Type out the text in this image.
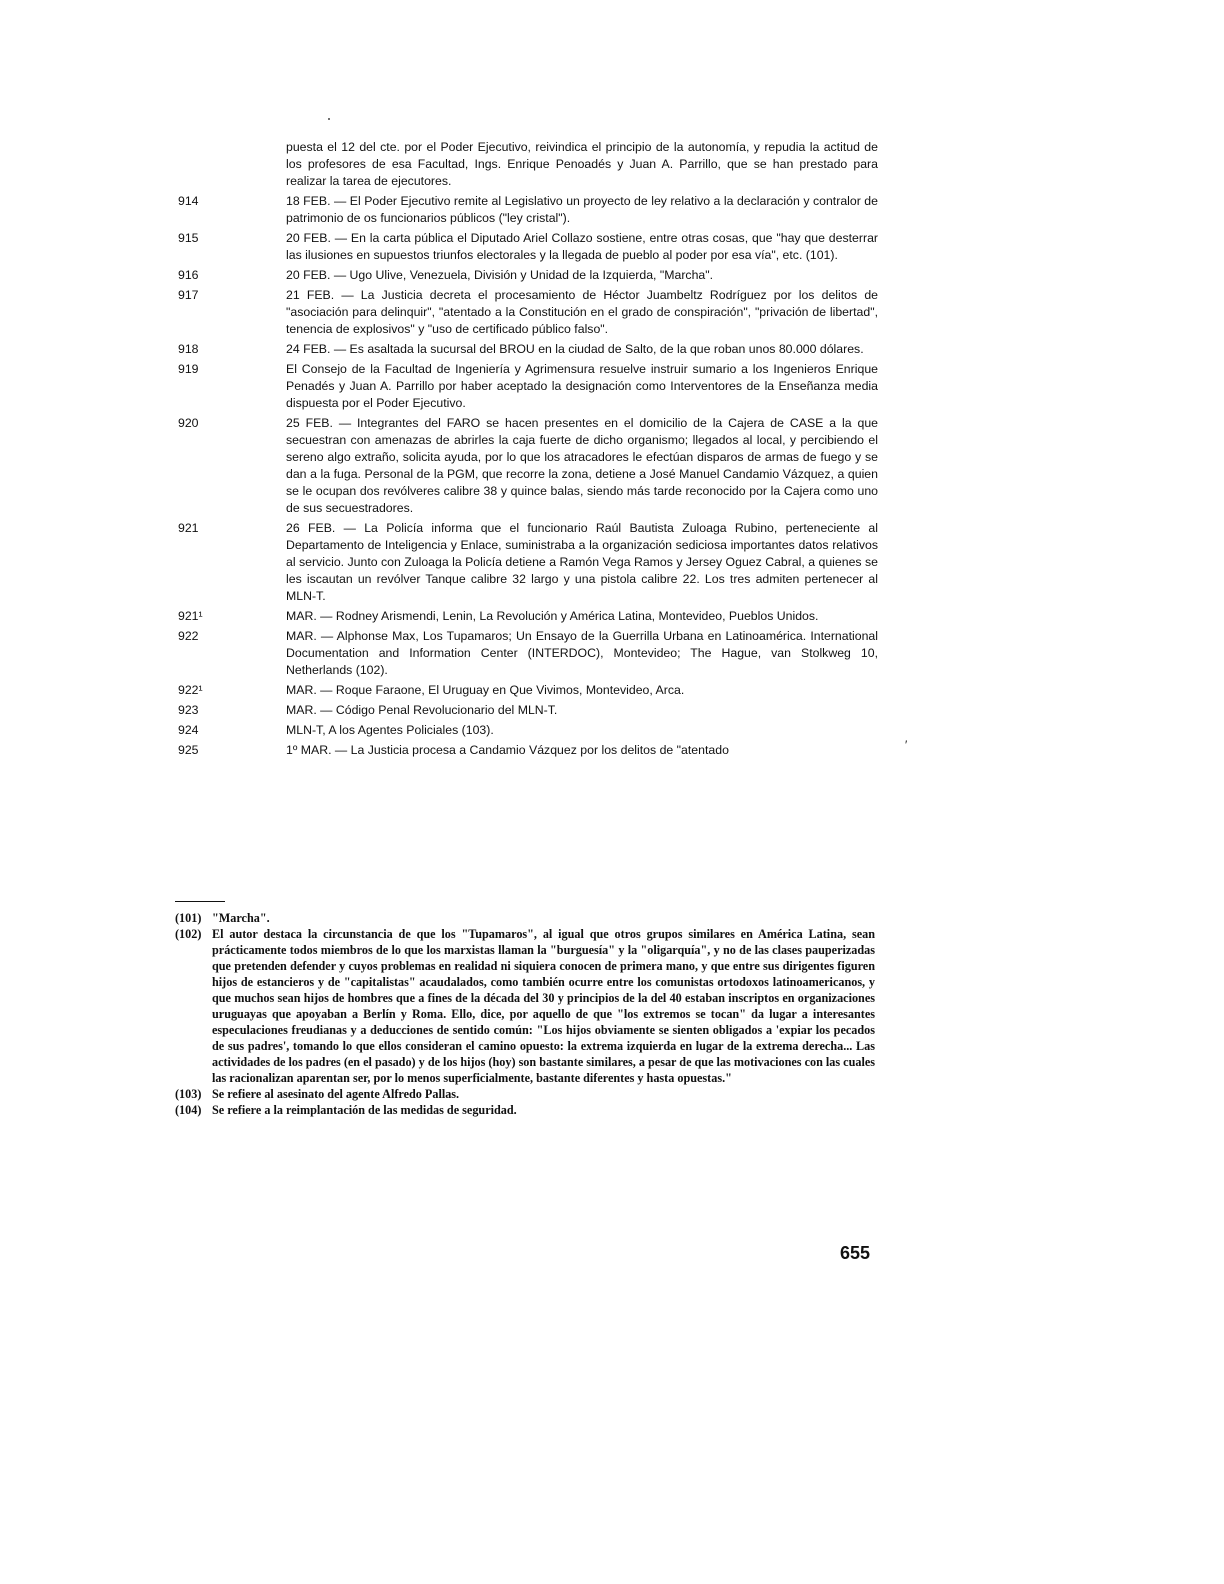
puesta el 12 del cte. por el Poder Ejecutivo, reivindica el principio de la autonomía, y repudia la actitud de los profesores de esa Facultad, Ings. Enrique Penoadés y Juan A. Parrillo, que se han prestado para realizar la tarea de ejecutores.
914	18 FEB. — El Poder Ejecutivo remite al Legislativo un proyecto de ley relativo a la declaración y contralor de patrimonio de os funcionarios públicos ("ley cristal").
915	20 FEB. — En la carta pública el Diputado Ariel Collazo sostiene, entre otras cosas, que "hay que desterrar las ilusiones en supuestos triunfos electorales y la llegada de pueblo al poder por esa vía", etc. (101).
916	20 FEB. — Ugo Ulive, Venezuela, División y Unidad de la Izquierda, "Marcha".
917	21 FEB. — La Justicia decreta el procesamiento de Héctor Juambeltz Rodríguez por los delitos de "asociación para delinquir", "atentado a la Constitución en el grado de conspiración", "privación de libertad", tenencia de explosivos" y "uso de certificado público falso".
918	24 FEB. — Es asaltada la sucursal del BROU en la ciudad de Salto, de la que roban unos 80.000 dólares.
919	El Consejo de la Facultad de Ingeniería y Agrimensura resuelve instruir sumario a los Ingenieros Enrique Penadés y Juan A. Parrillo por haber aceptado la designación como Interventores de la Enseñanza media dispuesta por el Poder Ejecutivo.
920	25 FEB. — Integrantes del FARO se hacen presentes en el domicilio de la Cajera de CASE a la que secuestran con amenazas de abrirles la caja fuerte de dicho organismo; llegados al local, y percibiendo el sereno algo extraño, solicita ayuda, por lo que los atracadores le efectúan disparos de armas de fuego y se dan a la fuga. Personal de la PGM, que recorre la zona, detiene a José Manuel Candamio Vázquez, a quien se le ocupan dos revólveres calibre 38 y quince balas, siendo más tarde reconocido por la Cajera como uno de sus secuestradores.
921	26 FEB. — La Policía informa que el funcionario Raúl Bautista Zuloaga Rubino, perteneciente al Departamento de Inteligencia y Enlace, suministraba a la organización sediciosa importantes datos relativos al servicio. Junto con Zuloaga la Policía detiene a Ramón Vega Ramos y Jersey Oguez Cabral, a quienes se les iscautan un revólver Tanque calibre 32 largo y una pistola calibre 22. Los tres admiten pertenecer al MLN-T.
921¹	MAR. — Rodney Arismendi, Lenin, La Revolución y América Latina, Montevideo, Pueblos Unidos.
922	MAR. — Alphonse Max, Los Tupamaros; Un Ensayo de la Guerrilla Urbana en Latinoamérica. International Documentation and Information Center (INTERDOC), Montevideo; The Hague, van Stolkweg 10, Netherlands (102).
922¹	MAR. — Roque Faraone, El Uruguay en Que Vivimos, Montevideo, Arca.
923	MAR. — Código Penal Revolucionario del MLN-T.
924	MLN-T, A los Agentes Policiales (103).
925	1º MAR. — La Justicia procesa a Candamio Vázquez por los delitos de "atentado	′
(101) "Marcha".
(102) El autor destaca la circunstancia de que los "Tupamaros", al igual que otros grupos similares en América Latina, sean prácticamente todos miembros de lo que los marxistas llaman la "burguesía" y la "oligarquía", y no de las clases pauperizadas que pretenden defender y cuyos problemas en realidad ni siquiera conocen de primera mano, y que entre sus dirigentes figuren hijos de estancieros y de "capitalistas" acaudalados, como también ocurre entre los comunistas ortodoxos latinoamericanos, y que muchos sean hijos de hombres que a fines de la década del 30 y principios de la del 40 estaban inscriptos en organizaciones uruguayas que apoyaban a Berlín y Roma. Ello, dice, por aquello de que "los extremos se tocan" da lugar a interesantes especulaciones freudianas y a deducciones de sentido común: "Los hijos obviamente se sienten obligados a 'expiar los pecados de sus padres', tomando lo que ellos consideran el camino opuesto: la extrema izquierda en lugar de la extrema derecha... Las actividades de los padres (en el pasado) y de los hijos (hoy) son bastante similares, a pesar de que las motivaciones con las cuales las racionalizan aparentan ser, por lo menos superficialmente, bastante diferentes y hasta opuestas."
(103) Se refiere al asesinato del agente Alfredo Pallas.
(104) Se refiere a la reimplantación de las medidas de seguridad.
655
